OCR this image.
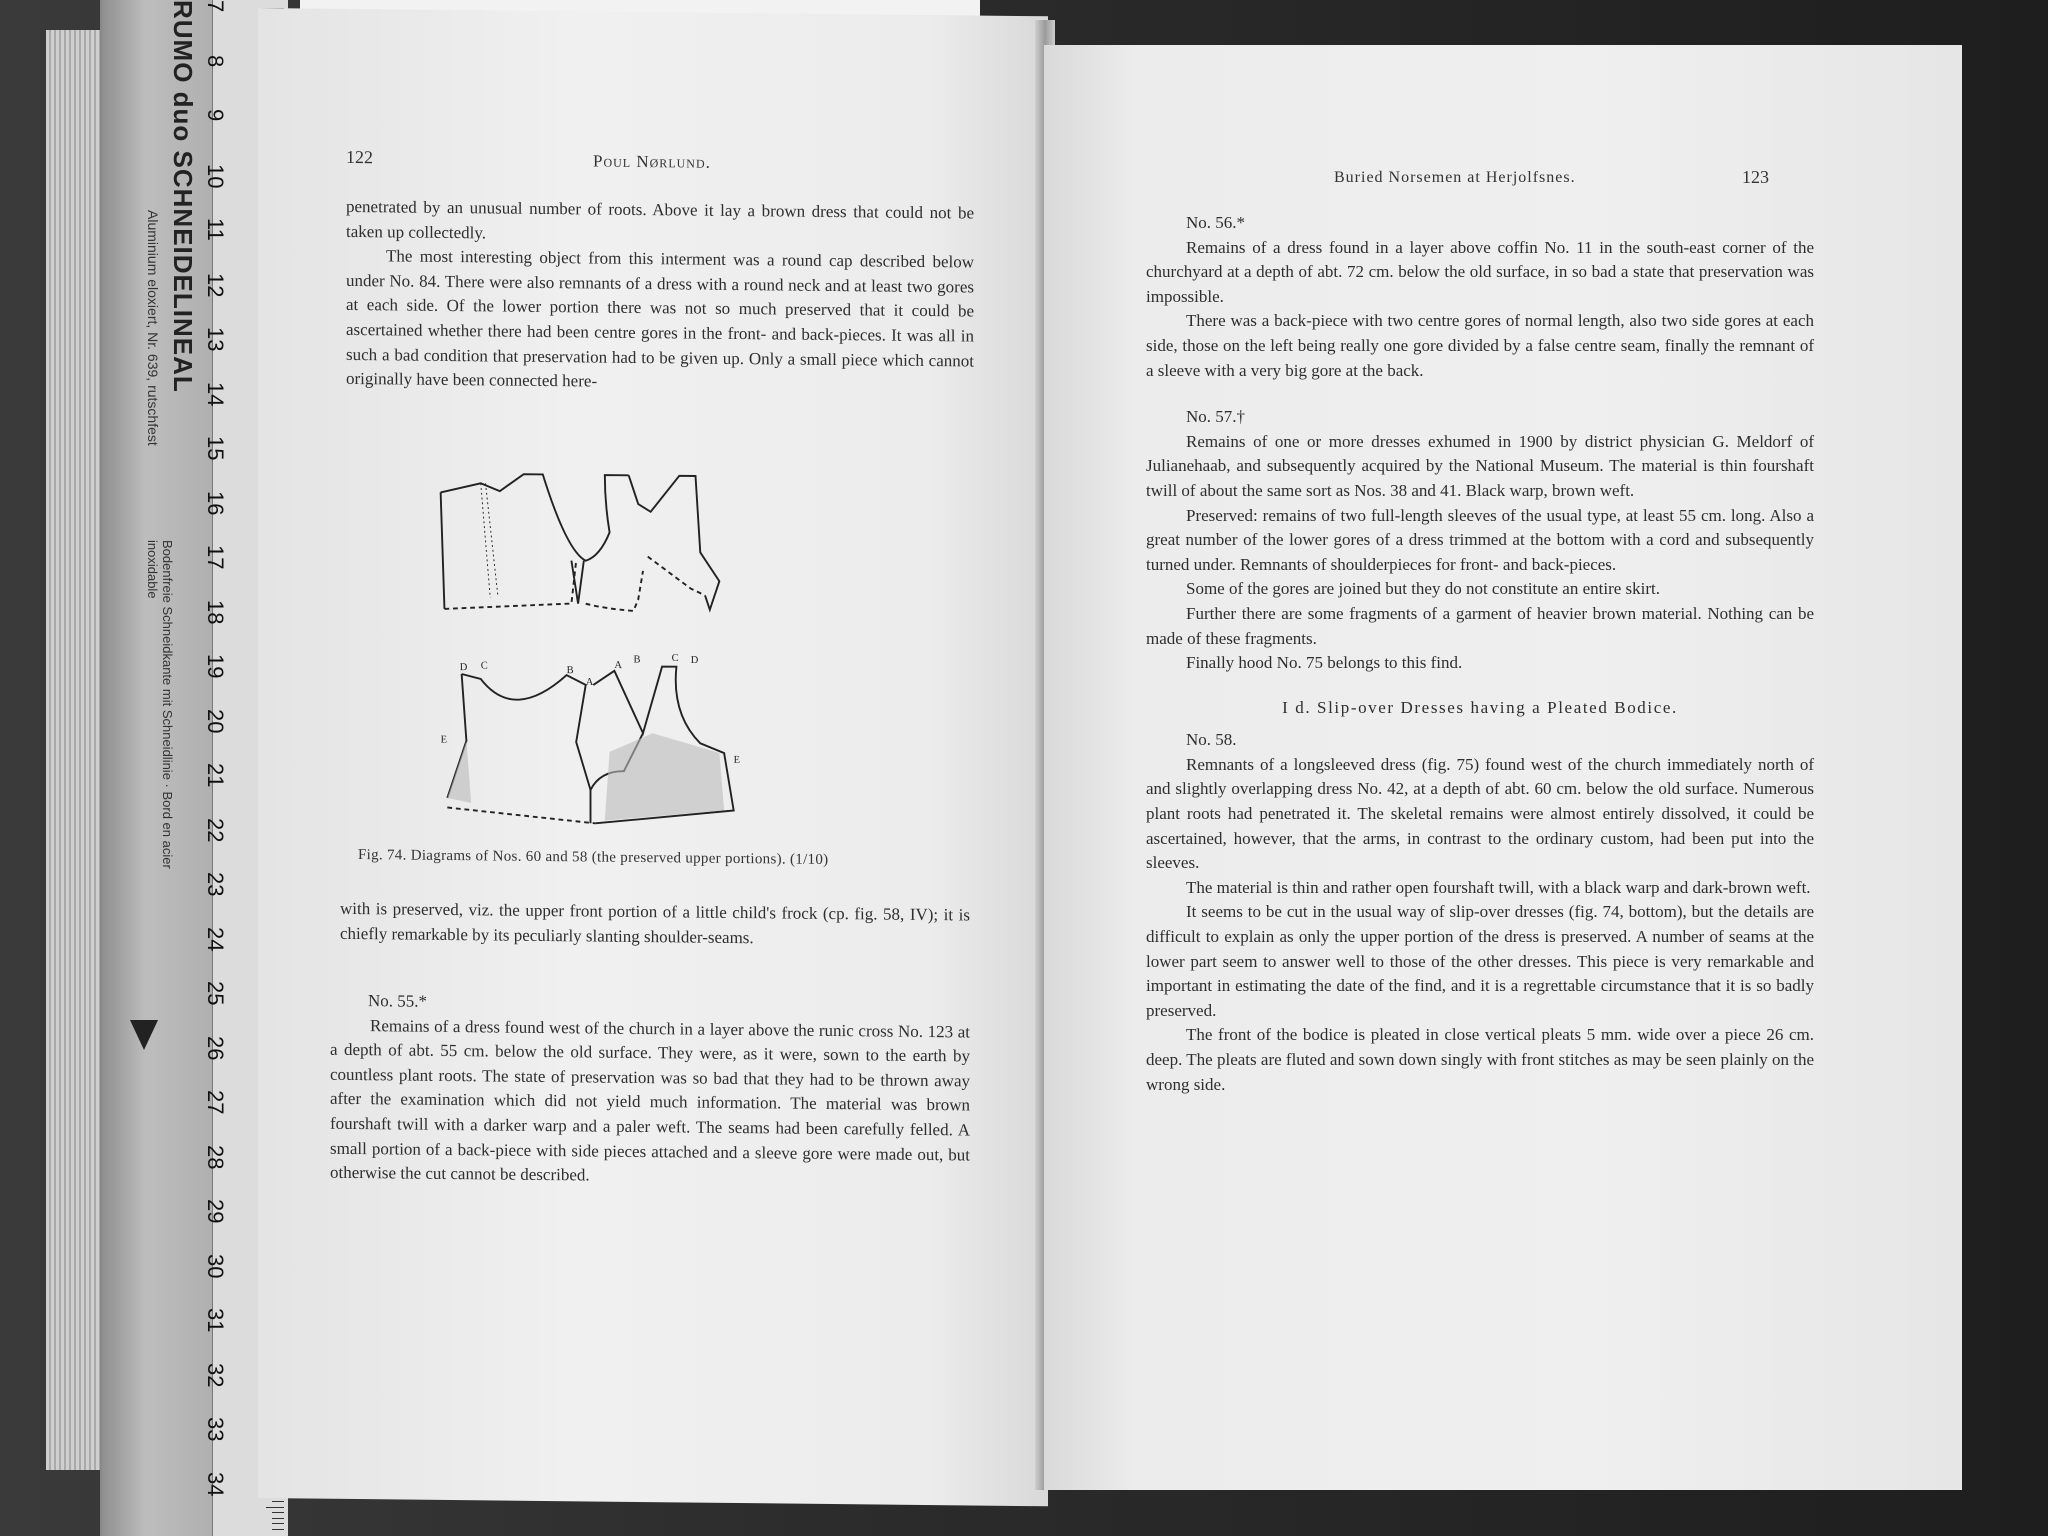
RUMO duo SCHNEIDELINEAL
Aluminium eloxiert, Nr. 639, rutschfest
Bodenfreie Schneidkante mit Schneidlinie · Bord en acier inoxidable
7
8
9
10
11
12
13
14
15
16
17
18
19
20
21
22
23
24
25
26
27
28
29
30
31
32
33
34
122	Poul Nørlund.

penetrated by an unusual number of roots. Above it lay a brown dress that could not be taken up collectedly.

The most interesting object from this interment was a round cap described below under No. 84. There were also remnants of a dress with a round neck and at least two gores at each side. Of the lower portion there was not so much preserved that it could be ascertained whether there had been centre gores in the front- and back-pieces. It was all in such a bad condition that preservation had to be given up. Only a small piece which cannot originally have been connected here-

D C	B
A
E
A B	C D
E
Fig. 74. Diagrams of Nos. 60 and 58 (the preserved upper portions). (1/10)

with is preserved, viz. the upper front portion of a little child's frock (cp. fig. 58, IV); it is chiefly remarkable by its peculiarly slanting shoulder-seams.

No. 55.*

Remains of a dress found west of the church in a layer above the runic cross No. 123 at a depth of abt. 55 cm. below the old surface. They were, as it were, sown to the earth by countless plant roots. The state of preservation was so bad that they had to be thrown away after the examination which did not yield much information. The material was brown fourshaft twill with a darker warp and a paler weft. The seams had been carefully felled. A small portion of a back-piece with side pieces attached and a sleeve gore were made out, but otherwise the cut cannot be described.

Buried Norsemen at Herjolfsnes.	123

No. 56.*

Remains of a dress found in a layer above coffin No. 11 in the south-east corner of the churchyard at a depth of abt. 72 cm. below the old surface, in so bad a state that preservation was impossible.

There was a back-piece with two centre gores of normal length, also two side gores at each side, those on the left being really one gore divided by a false centre seam, finally the remnant of a sleeve with a very big gore at the back.

No. 57.†

Remains of one or more dresses exhumed in 1900 by district physician G. Meldorf of Julianehaab, and subsequently acquired by the National Museum. The material is thin fourshaft twill of about the same sort as Nos. 38 and 41. Black warp, brown weft.

Preserved: remains of two full-length sleeves of the usual type, at least 55 cm. long. Also a great number of the lower gores of a dress trimmed at the bottom with a cord and subsequently turned under. Remnants of shoulderpieces for front- and back-pieces.

Some of the gores are joined but they do not constitute an entire skirt.

Further there are some fragments of a garment of heavier brown material. Nothing can be made of these fragments.

Finally hood No. 75 belongs to this find.

I d. Slip-over Dresses having a Pleated Bodice.

No. 58.

Remnants of a longsleeved dress (fig. 75) found west of the church immediately north of and slightly overlapping dress No. 42, at a depth of abt. 60 cm. below the old surface. Numerous plant roots had penetrated it. The skeletal remains were almost entirely dissolved, it could be ascertained, however, that the arms, in contrast to the ordinary custom, had been put into the sleeves.

The material is thin and rather open fourshaft twill, with a black warp and dark-brown weft.

It seems to be cut in the usual way of slip-over dresses (fig. 74, bottom), but the details are difficult to explain as only the upper portion of the dress is preserved. A number of seams at the lower part seem to answer well to those of the other dresses. This piece is very remarkable and important in estimating the date of the find, and it is a regrettable circumstance that it is so badly preserved.

The front of the bodice is pleated in close vertical pleats 5 mm. wide over a piece 26 cm. deep. The pleats are fluted and sown down singly with front stitches as may be seen plainly on the wrong side.
